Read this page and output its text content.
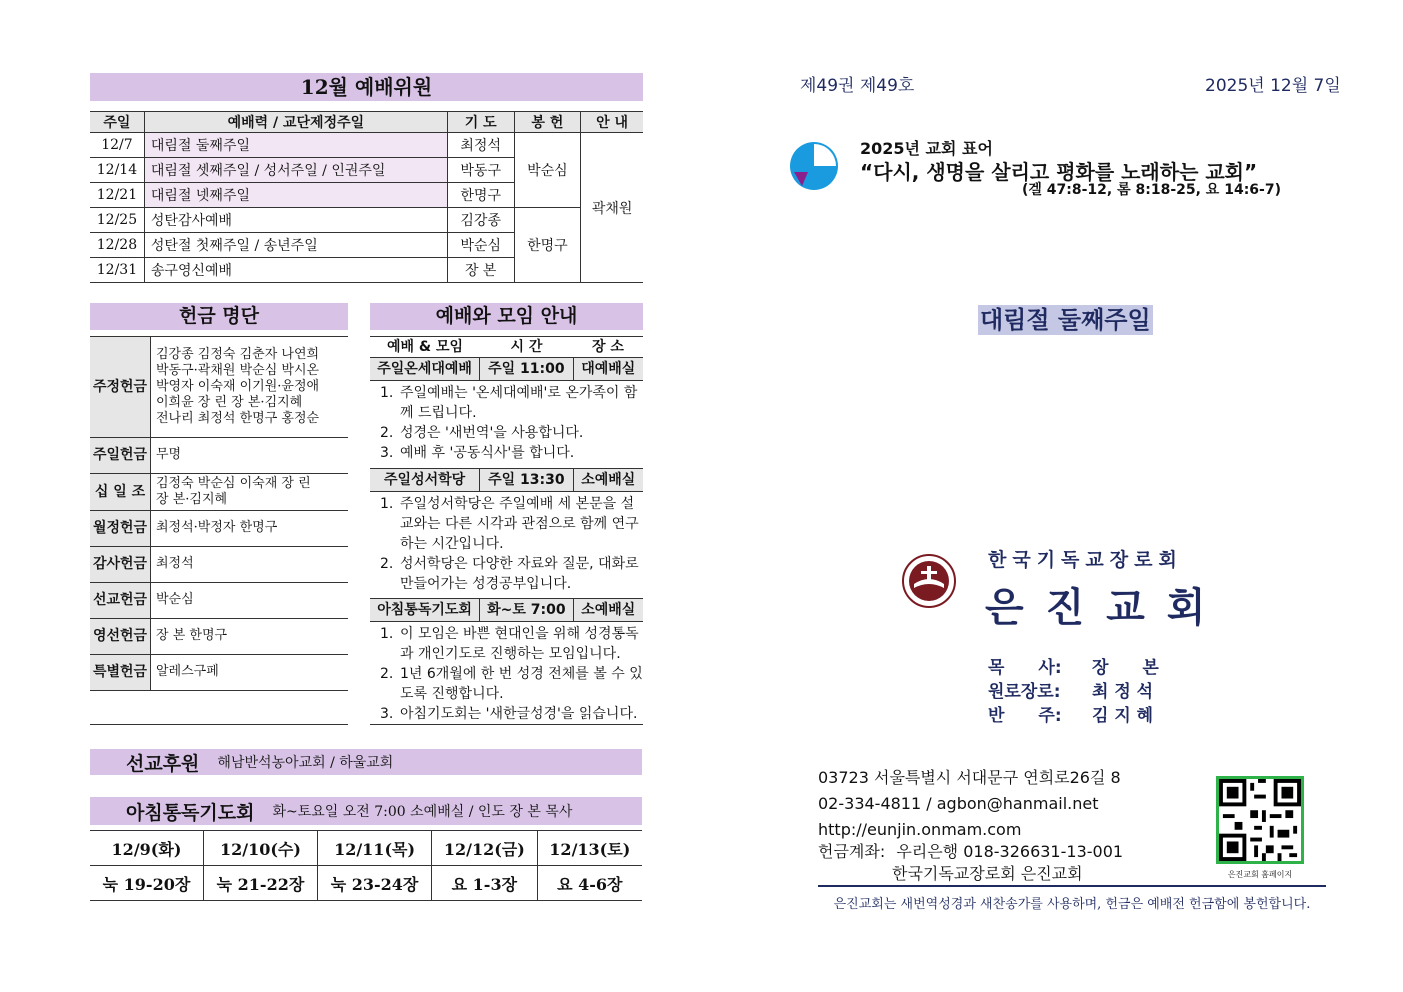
12월 예배위원
주일	예배력 / 교단제정주일	기 도	봉 헌	안 내
12/7	대림절 둘째주일	최정석	박순심	곽채원
12/14	대림절 셋째주일 / 성서주일 / 인권주일	박동구		
12/21	대림절 넷째주일	한명구		
12/25	성탄감사예배	김강종	한명구	
12/28	성탄절 첫째주일 / 송년주일	박순심		
12/31	송구영신예배	장 본		
헌금 명단
주정헌금	김강종 김정숙 김춘자 나연희
박동구·곽채원 박순심 박시온
박영자 이숙재 이기원·윤정애
이희윤 장 린 장 본·김지혜
전나리 최정석 한명구 홍정순
주일헌금	무명
십 일 조	김정숙 박순심 이숙재 장 린
장 본·김지혜
월정헌금	최정석·박정자 한명구
감사헌금	최정석
선교헌금	박순심
영선헌금	장 본 한명구
특별헌금	알레스구페
예배와 모임 안내
예배 & 모임	시 간	장 소
주일온세대예배	주일 11:00	대예배실
1. 주일예배는 '온세대예배'로 온가족이 함께 드립니다.
2. 성경은 '새번역'을 사용합니다.
3. 예배 후 '공동식사'를 합니다.
주일성서학당	주일 13:30	소예배실
1. 주일성서학당은 주일예배 세 본문을 설교와는 다른 시각과 관점으로 함께 연구하는 시간입니다.
2. 성서학당은 다양한 자료와 질문, 대화로 만들어가는 성경공부입니다.
아침통독기도회	화~토 7:00	소예배실
1. 이 모임은 바쁜 현대인을 위해 성경통독과 개인기도로 진행하는 모임입니다.
2. 1년 6개월에 한 번 성경 전체를 볼 수 있도록 진행합니다.
3. 아침기도회는 '새한글성경'을 읽습니다.
선교후원 해남반석농아교회 / 하울교회
아침통독기도회 화~토요일 오전 7:00 소예배실 / 인도 장 본 목사
12/9(화)	12/10(수)	12/11(목)	12/12(금)	12/13(토)
눅 19-20장	눅 21-22장	눅 23-24장	요 1-3장	요 4-6장
제49권 제49호	2025년 12월 7일
2025년 교회 표어
“다시, 생명을 살리고 평화를 노래하는 교회”
(겔 47:8-12, 롬 8:18-25, 요 14:6-7)
대림절 둘째주일
한국기독교장로회
은 진 교 회
목　　사: 장　　본
원로장로: 최 정 석
반　　주: 김 지 혜
03723 서울특별시 서대문구 연희로26길 8
02-334-4811 / agbon@hanmail.net
http://eunjin.onmam.com
헌금계좌: 우리은행 018-326631-13-001
한국기독교장로회 은진교회	은진교회 홈페이지
은진교회는 새번역성경과 새찬송가를 사용하며, 헌금은 예배전 헌금함에 봉헌합니다.
